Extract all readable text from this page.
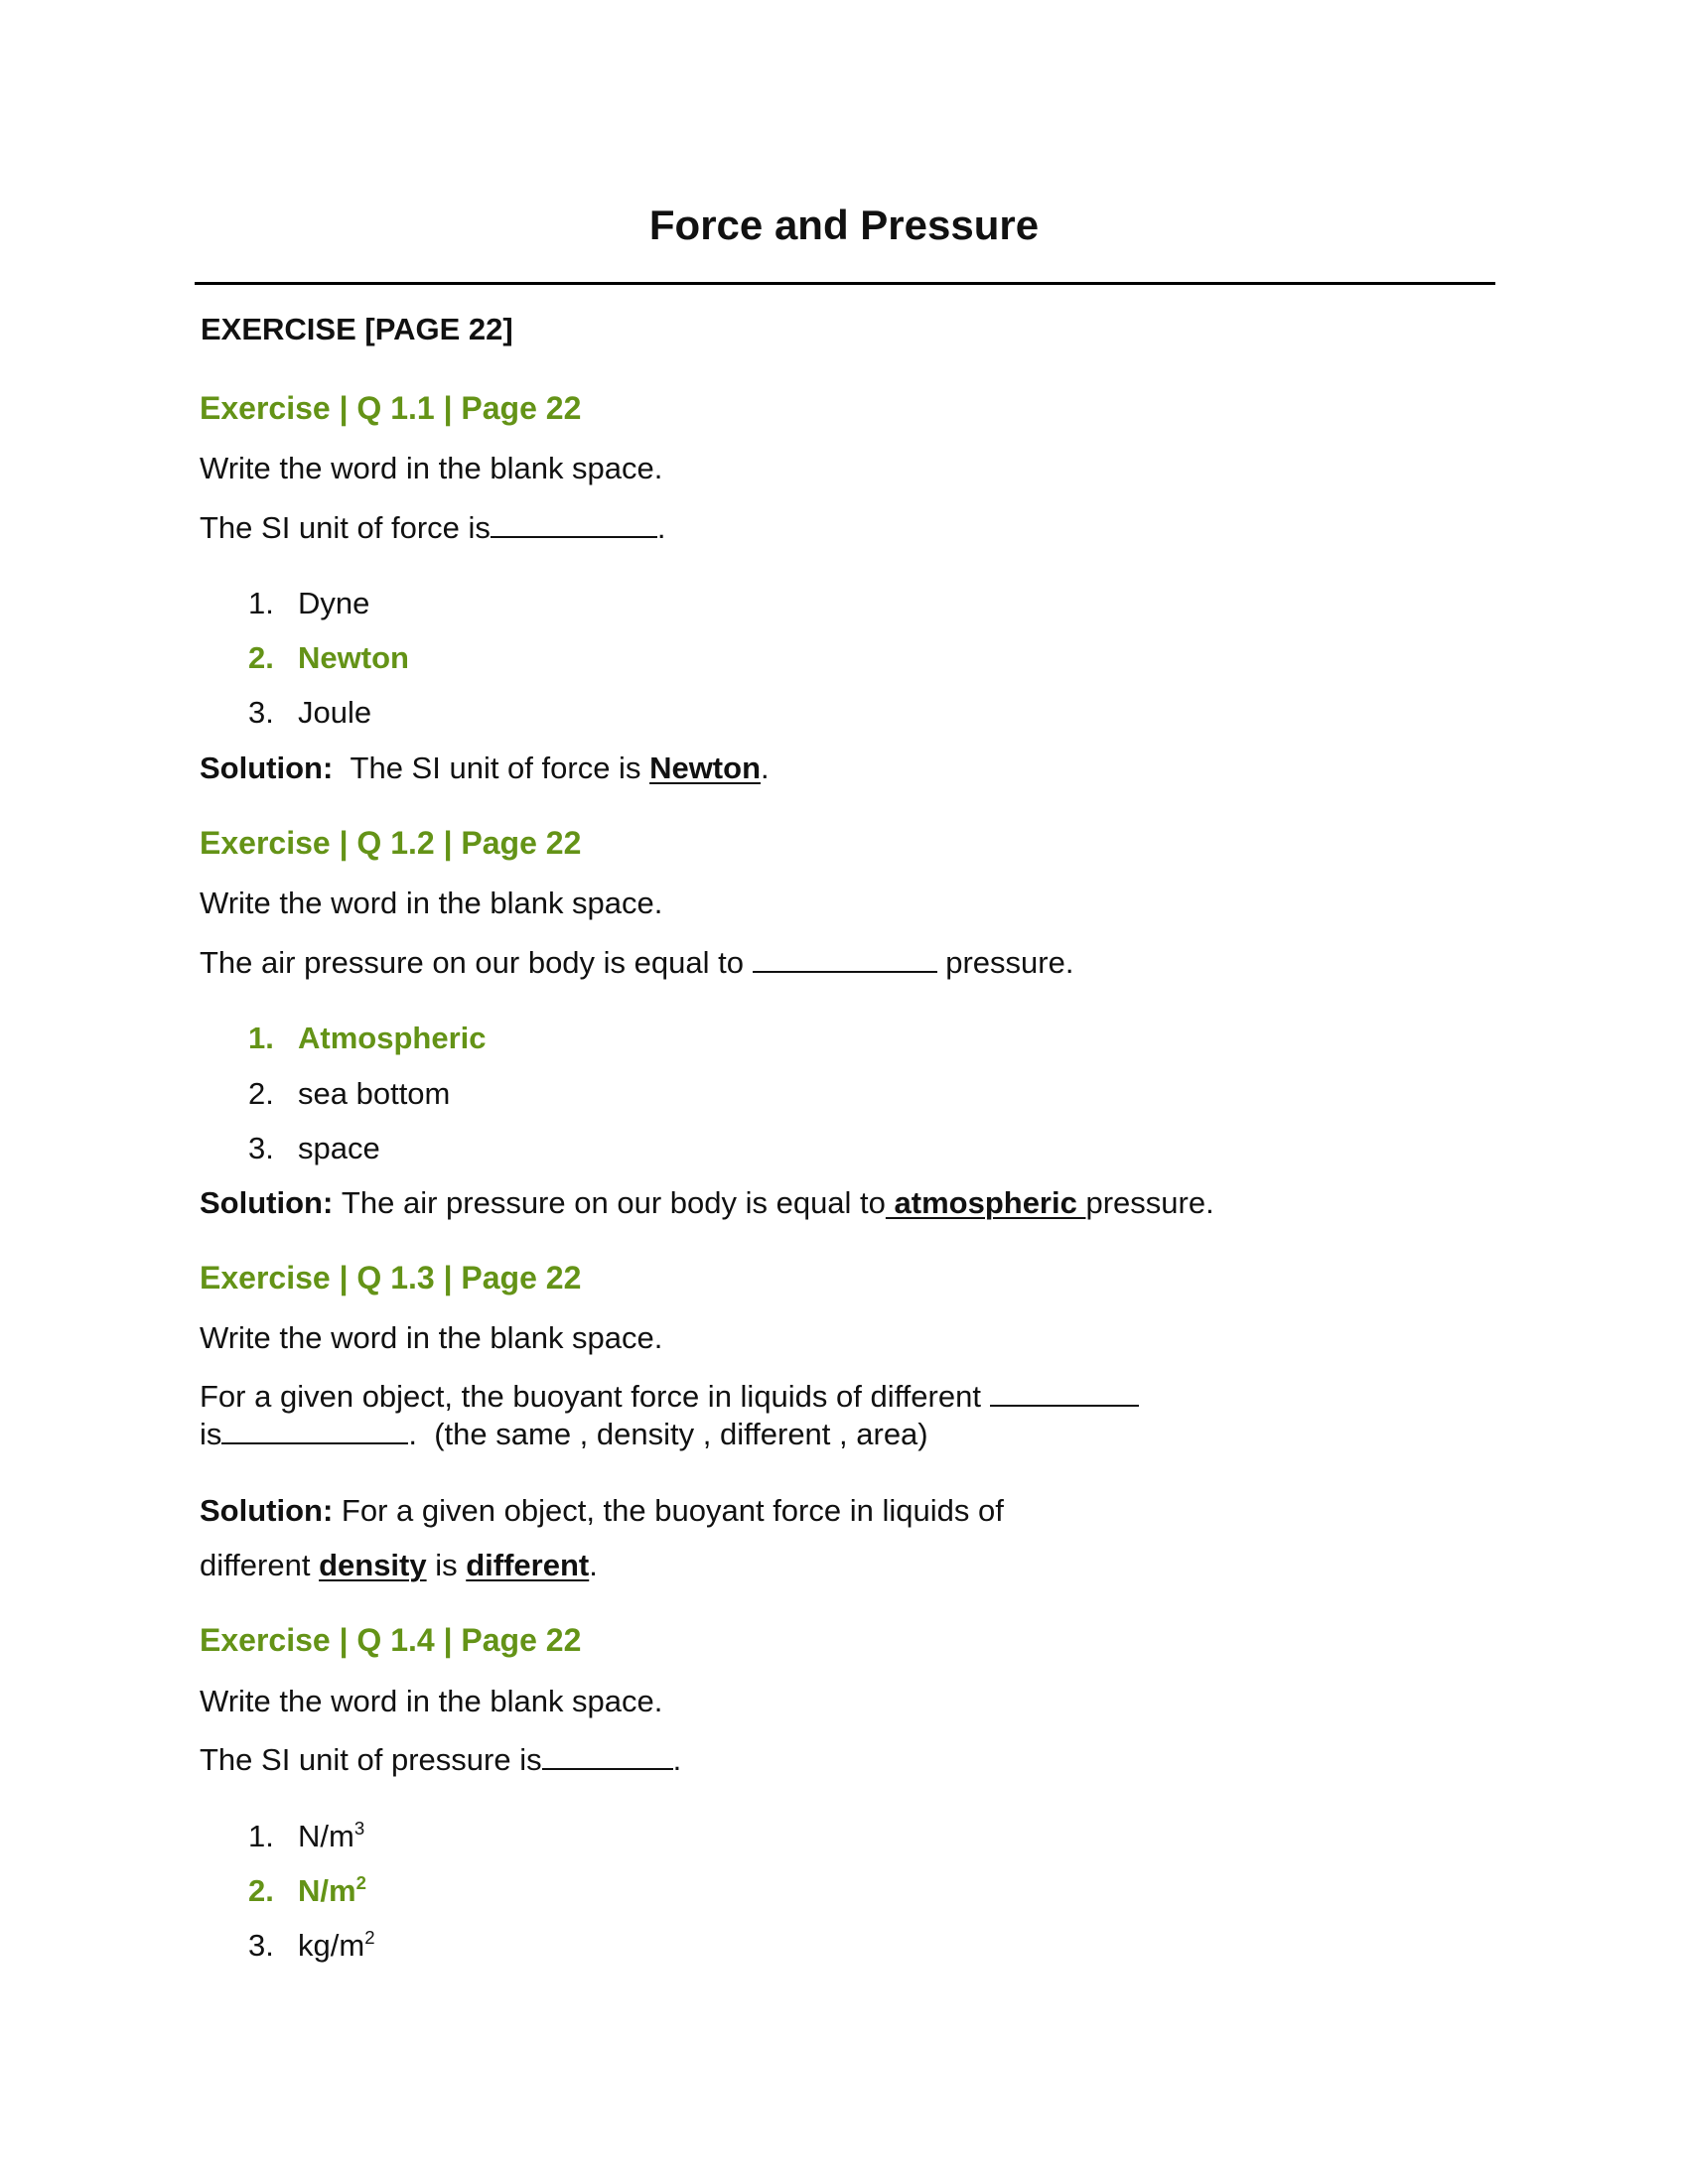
Force and Pressure
EXERCISE [PAGE 22]
Exercise | Q 1.1 | Page 22
Write the word in the blank space.
The SI unit of force is	.
1. Dyne
2. Newton
3. Joule
Solution: The SI unit of force is Newton.
Exercise | Q 1.2 | Page 22
Write the word in the blank space.
The air pressure on our body is equal to	pressure.
1. Atmospheric
2. sea bottom
3. space
Solution: The air pressure on our body is equal to atmospheric pressure.
Exercise | Q 1.3 | Page 22
Write the word in the blank space.
For a given object, the buoyant force in liquids of different
is	.  (the same , density , different , area)
Solution: For a given object, the buoyant force in liquids of
different density is different.
Exercise | Q 1.4 | Page 22
Write the word in the blank space.
The SI unit of pressure is	.
1. $N/m^3$
2. $N/m^2$
3. $kg/m^2$
